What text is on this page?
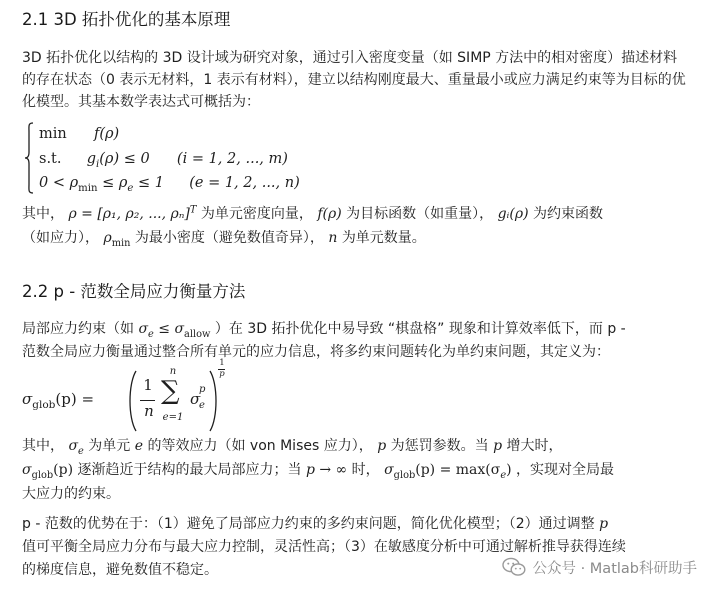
2.1 3D 拓扑优化的基本原理
3D 拓扑优化以结构的 3D 设计域为研究对象，通过引入密度变量（如 SIMP 方法中的相对密度）描述材料的存在状态（0 表示无材料，1 表示有材料），建立以结构刚度最大、重量最小或应力满足约束等为目标的优化模型。其基本数学表达式可概括为：
min f(ρ)
s.t. $g_i(\rho) \le 0$ (i = 1, 2, ..., m)
$0 < \rho_{min} \le \rho_e \le 1$ (e = 1, 2, ..., n)
其中， ρ = [ρ₁, ρ₂, ..., ρₙ]$^T$ 为单元密度向量， f(ρ) 为目标函数（如重量）， gᵢ(ρ) 为约束函数
（如应力）， $\rho_{min}$ 为最小密度（避免数值奇异）， n 为单元数量。
2.2 p - 范数全局应力衡量方法
局部应力约束（如 $\sigma_e \le \sigma_{allow}$ ）在 3D 拓扑优化中易导致 “棋盘格” 现象和计算效率低下，而 p -
范数全局应力衡量通过整合所有单元的应力信息，将多约束问题转化为单约束问题，其定义为：
$\sigma_{glob}(p)$ =
1
n
n
∑
e=1
σ
p
e
1
p
其中， $\sigma_e$ 为单元 e 的等效应力（如 von Mises 应力）， p 为惩罚参数。当 p 增大时，
$\sigma_{glob}(p)$ 逐渐趋近于结构的最大局部应力；当 p → ∞ 时， $\sigma_{glob}(p) = \max(\sigma_e)$ ，实现对全局最
大应力的约束。
p - 范数的优势在于：（1）避免了局部应力约束的多约束问题，简化优化模型；（2）通过调整 p
值可平衡全局应力分布与最大应力控制，灵活性高；（3）在敏感度分析中可通过解析推导获得连续
的梯度信息，避免数值不稳定。	公众号 · Matlab科研助手
